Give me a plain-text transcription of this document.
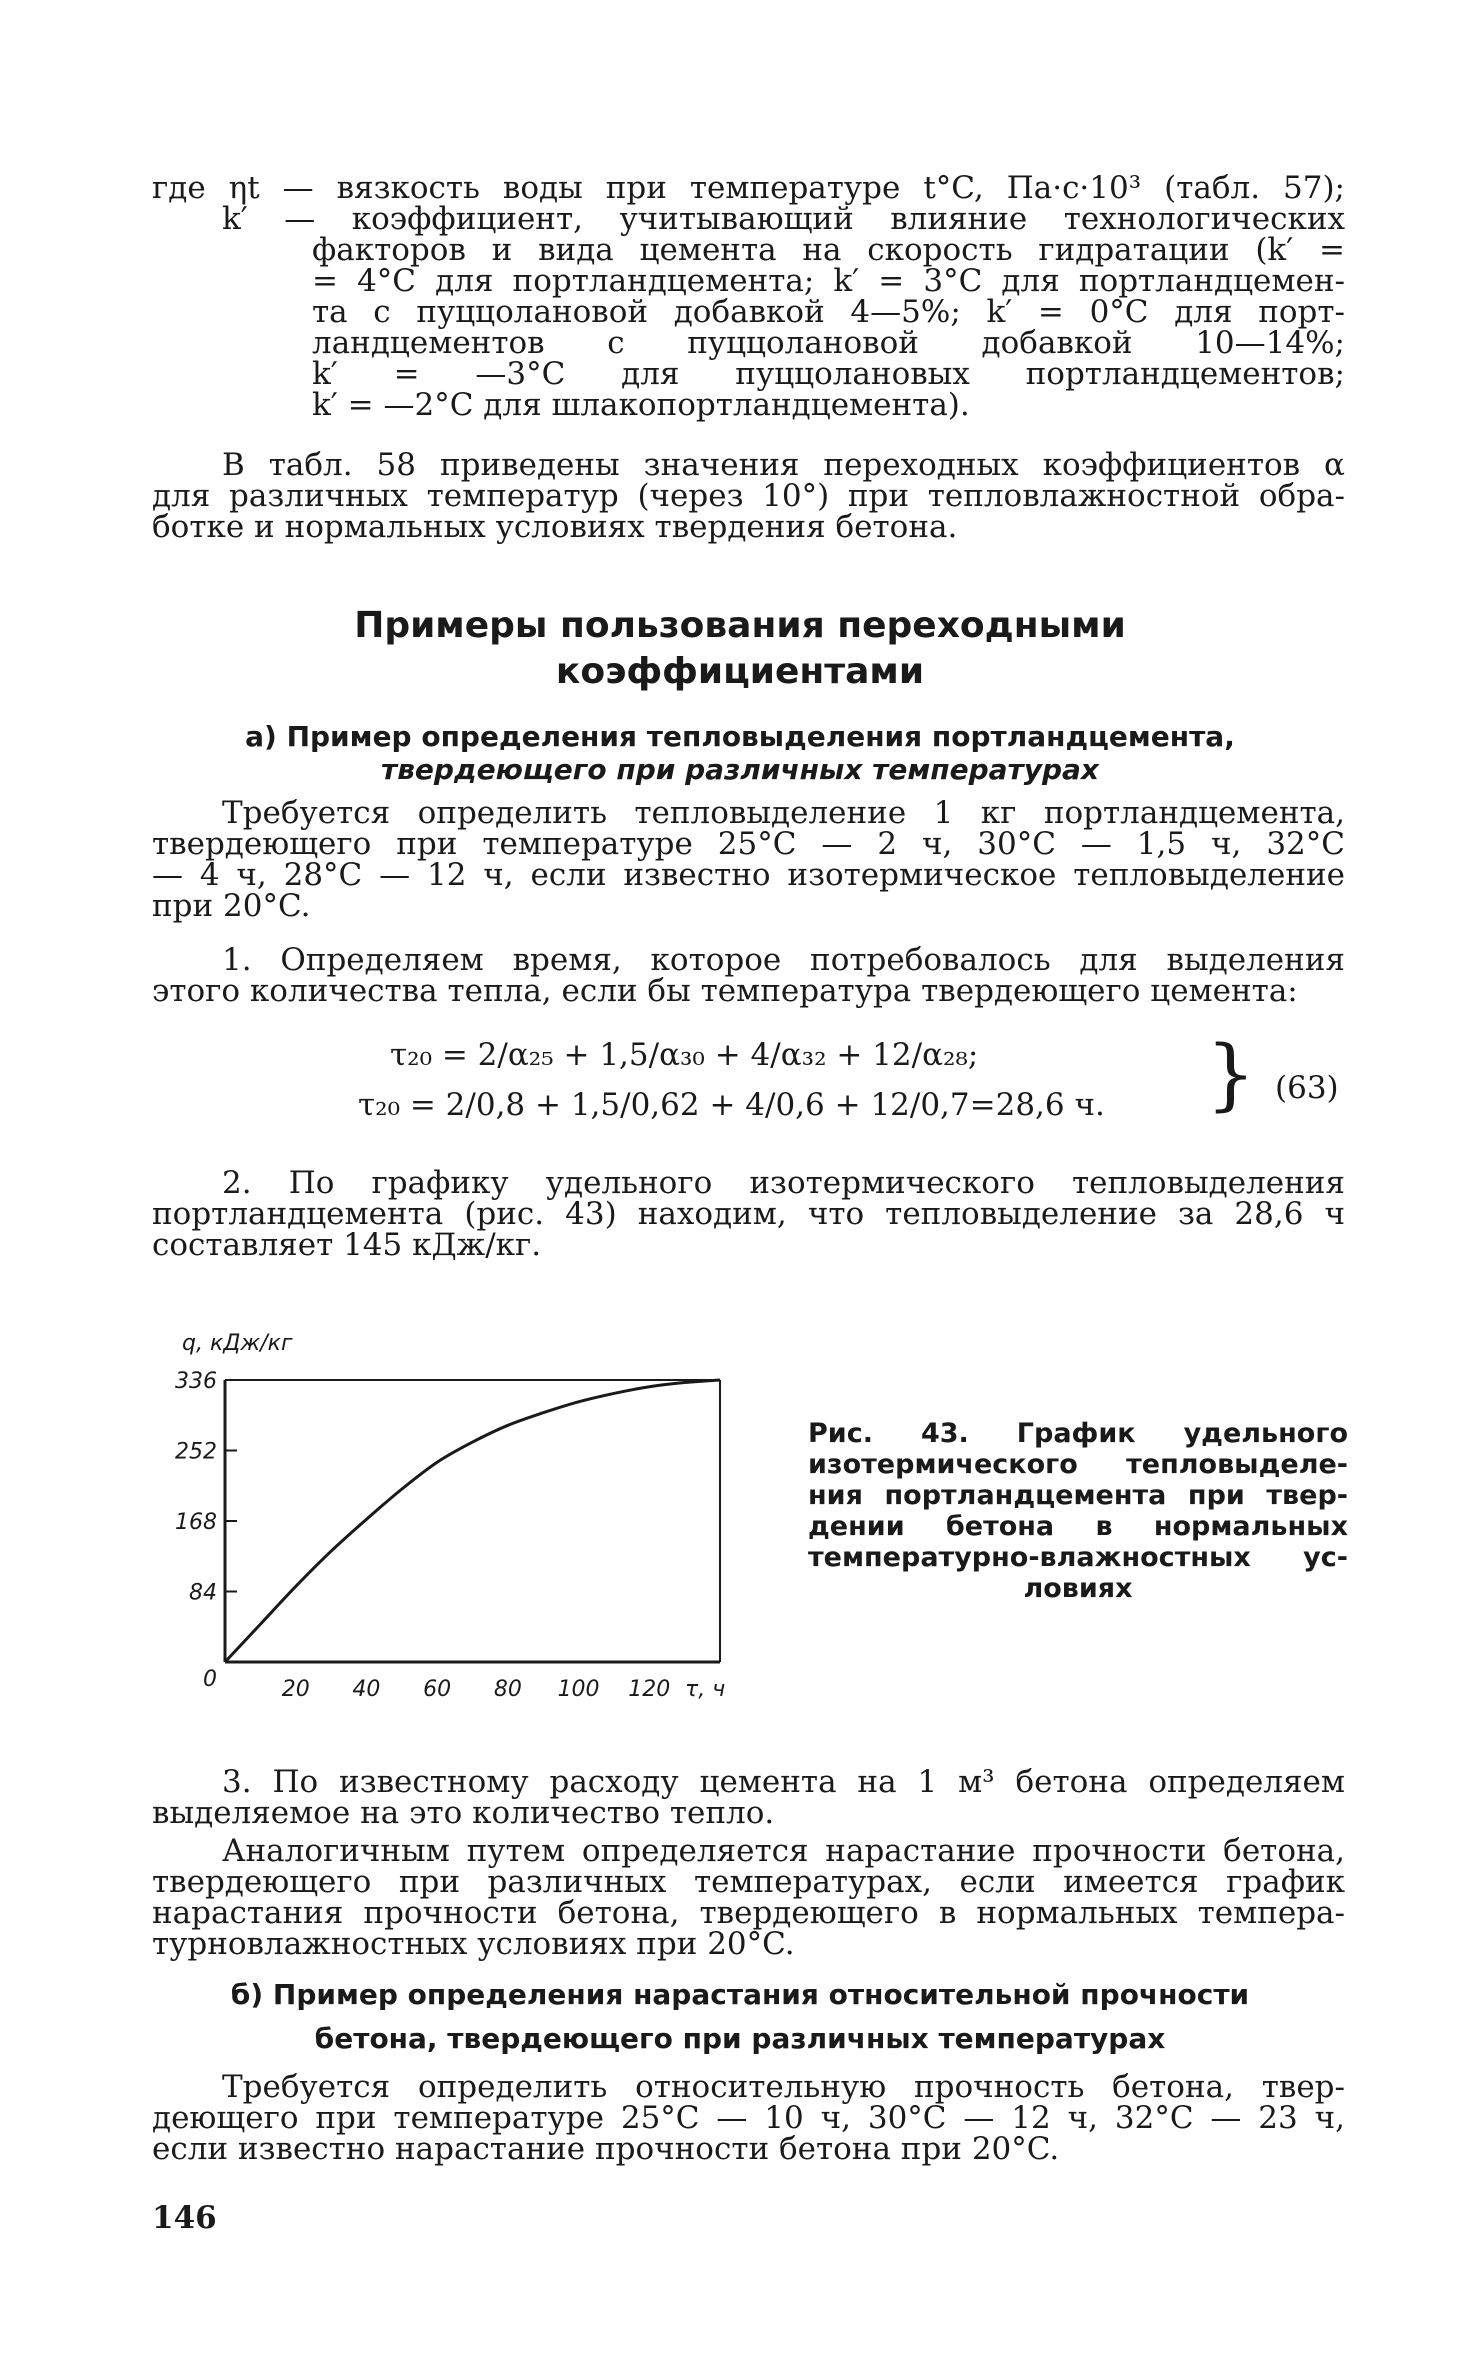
где ηt — вязкость воды при температуре t°C, Па·с·10³ (табл. 57);

k′ — коэффициент, учитывающий влияние технологических

факторов и вида цемента на скорость гидратации (k′ =

= 4°C для портландцемента; k′ = 3°C для портландцемен-

та с пуццолановой добавкой 4—5%; k′ = 0°C для порт-

ландцементов с пуццолановой добавкой 10—14%;

k′ = —3°C для пуццолановых портландцементов;

k′ = —2°C для шлакопортландцемента).

В табл. 58 приведены значения переходных коэффициентов α

для различных температур (через 10°) при тепловлажностной обра-

ботке и нормальных условиях твердения бетона.

Примеры пользования переходными

коэффициентами

а) Пример определения тепловыделения портландцемента,

твердеющего при различных температурах

Требуется определить тепловыделение 1 кг портландцемента,

твердеющего при температуре 25°C — 2 ч, 30°C — 1,5 ч, 32°C

— 4 ч, 28°C — 12 ч, если известно изотермическое тепловыделение

при 20°C.

1. Определяем время, которое потребовалось для выделения

этого количества тепла, если бы температура твердеющего цемента:

τ₂₀ = 2/α₂₅ + 1,5/α₃₀ + 4/α₃₂ + 12/α₂₈;
τ₂₀ = 2/0,8 + 1,5/0,62 + 4/0,6 + 12/0,7=28,6 ч. } (63)

2. По графику удельного изотермического тепловыделения

портландцемента (рис. 43) находим, что тепловыделение за 28,6 ч

составляет 145 кДж/кг.

q, кДж/кг
336
252
168
84
0	20 40 60 80 100 120 τ, ч

Рис. 43. График удельного
изотермического тепловыделе-
ния портландцемента при твер-
дении бетона в нормальных
температурно-влажностных ус-

ловиях

3. По известному расходу цемента на 1 м³ бетона определяем

выделяемое на это количество тепло.

Аналогичным путем определяется нарастание прочности бетона,

твердеющего при различных температурах, если имеется график

нарастания прочности бетона, твердеющего в нормальных темпера-

турновлажностных условиях при 20°C.

б) Пример определения нарастания относительной прочности

бетона, твердеющего при различных температурах

Требуется определить относительную прочность бетона, твер-

деющего при температуре 25°C — 10 ч, 30°C — 12 ч, 32°C — 23 ч,

если известно нарастание прочности бетона при 20°C.

146
